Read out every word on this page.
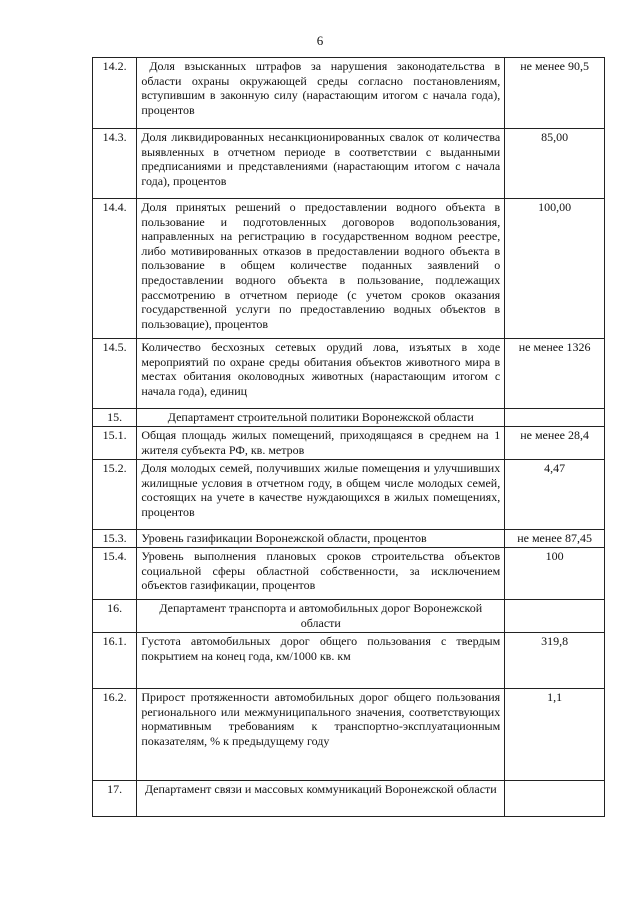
6
14.2.	Доля взысканных штрафов за нарушения законодательства в области охраны окружающей среды согласно постановлениям, вступившим в законную силу (нарастающим итогом с начала года), процентов	не менее 90,5
14.3.	Доля ликвидированных несанкционированных свалок от количества выявленных в отчетном периоде в соответствии с выданными предписаниями и представлениями (нарастающим итогом с начала года), процентов	85,00
14.4.	Доля принятых решений о предоставлении водного объекта в пользование и подготовленных договоров водопользования, направленных на регистрацию в государственном водном реестре, либо мотивированных отказов в предоставлении водного объекта в пользование в общем количестве поданных заявлений о предоставлении водного объекта в пользование, подлежащих рассмотрению в отчетном периоде (с учетом сроков оказания государственной услуги по предоставлению водных объектов в пользовацие), процентов	100,00
14.5.	Количество бесхозных сетевых орудий лова, изъятых в ходе мероприятий по охране среды обитания объектов животного мира в местах обитания околоводных животных (нарастающим итогом с начала года), единиц	не менее 1326
15.	Департамент строительной политики Воронежской области	
15.1.	Общая площадь жилых помещений, приходящаяся в среднем на 1 жителя субъекта РФ, кв. метров	не менее 28,4
15.2.	Доля молодых семей, получивших жилые помещения и улучшивших жилищные условия в отчетном году, в общем числе молодых семей, состоящих на учете в качестве нуждающихся в жилых помещениях, процентов	4,47
15.3.	Уровень газификации Воронежской области, процентов	не менее 87,45
15.4.	Уровень выполнения плановых сроков строительства объектов социальной сферы областной собственности, за исключением объектов газификации, процентов	100
16.	Департамент транспорта и автомобильных дорог Воронежской области	
16.1.	Густота автомобильных дорог общего пользования с твердым покрытием на конец года, км/1000 кв. км	319,8
16.2.	Прирост протяженности автомобильных дорог общего пользования регионального или межмуниципального значения, соответствующих нормативным требованиям к транспортно-эксплуатационным показателям, % к предыдущему году	1,1
17.	Департамент связи и массовых коммуникаций Воронежской области	
